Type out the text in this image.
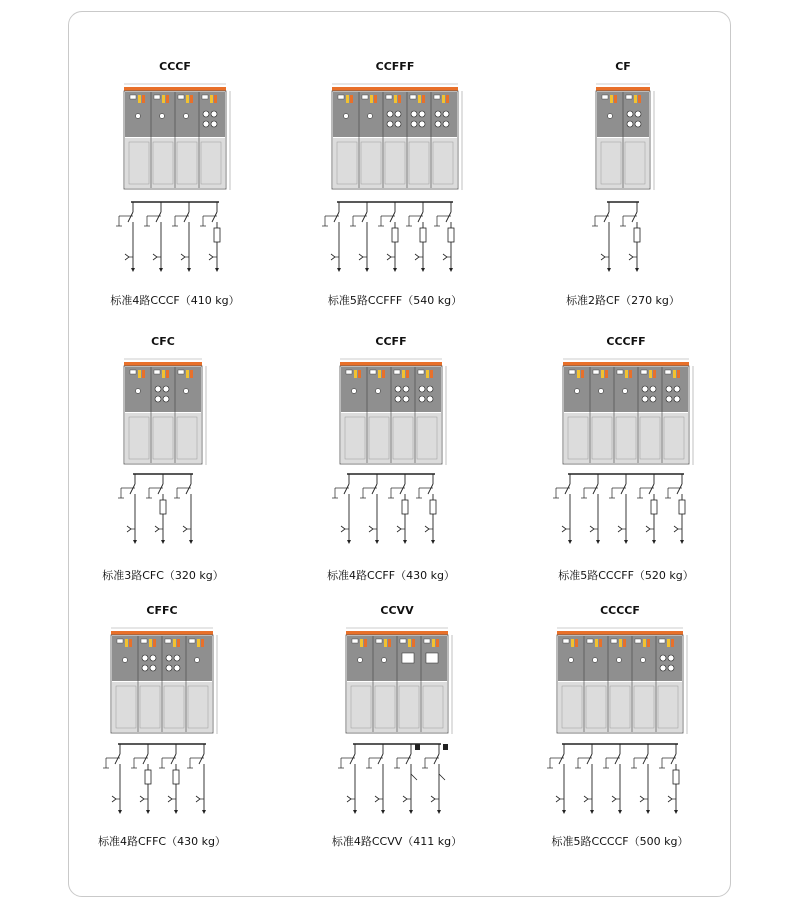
CCCF
标准4路CCCF（410 kg）
CCFFF
标准5路CCFFF（540 kg）
CF
标准2路CF（270 kg）
CFC
标准3路CFC（320 kg）
CCFF
标准4路CCFF（430 kg）
CCCFF
标准5路CCCFF（520 kg）
CFFC
标准4路CFFC（430 kg）
CCVV
标准4路CCVV（411 kg）
CCCCF
标准5路CCCCF（500 kg）
